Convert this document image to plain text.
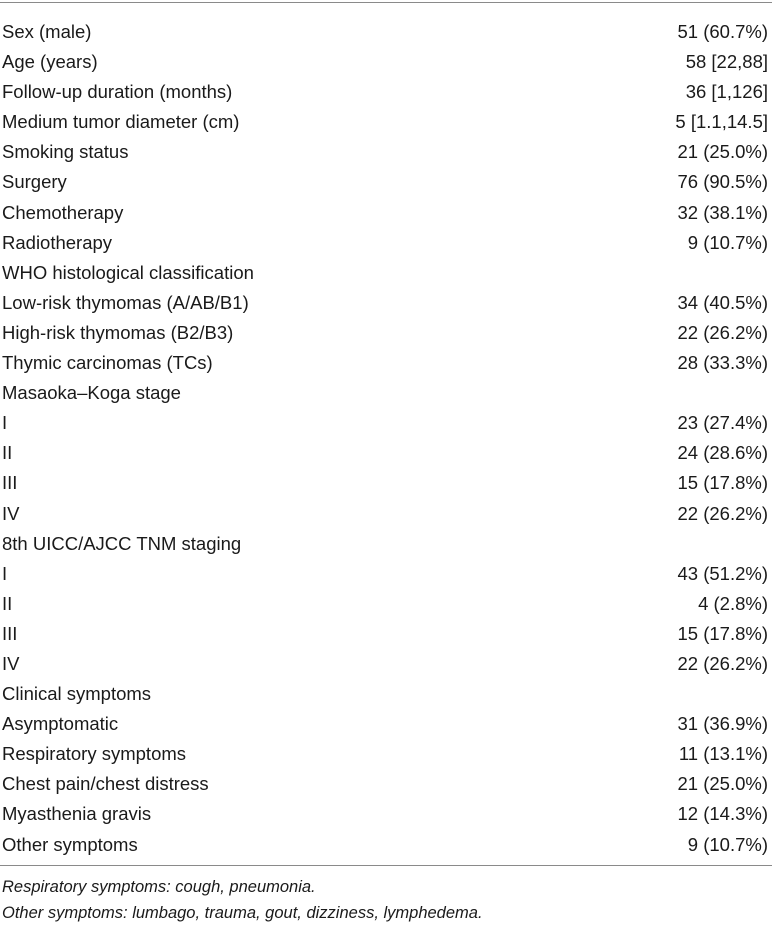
Sex (male)	51 (60.7%)
Age (years)	58 [22,88]
Follow-up duration (months)	36 [1,126]
Medium tumor diameter (cm)	5 [1.1,14.5]
Smoking status	21 (25.0%)
Surgery	76 (90.5%)
Chemotherapy	32 (38.1%)
Radiotherapy	9 (10.7%)
WHO histological classification
Low-risk thymomas (A/AB/B1)	34 (40.5%)
High-risk thymomas (B2/B3)	22 (26.2%)
Thymic carcinomas (TCs)	28 (33.3%)
Masaoka–Koga stage
I	23 (27.4%)
II	24 (28.6%)
III	15 (17.8%)
IV	22 (26.2%)
8th UICC/AJCC TNM staging
I	43 (51.2%)
II	4 (2.8%)
III	15 (17.8%)
IV	22 (26.2%)
Clinical symptoms
Asymptomatic	31 (36.9%)
Respiratory symptoms	11 (13.1%)
Chest pain/chest distress	21 (25.0%)
Myasthenia gravis	12 (14.3%)
Other symptoms	9 (10.7%)
Respiratory symptoms: cough, pneumonia.
Other symptoms: lumbago, trauma, gout, dizziness, lymphedema.
